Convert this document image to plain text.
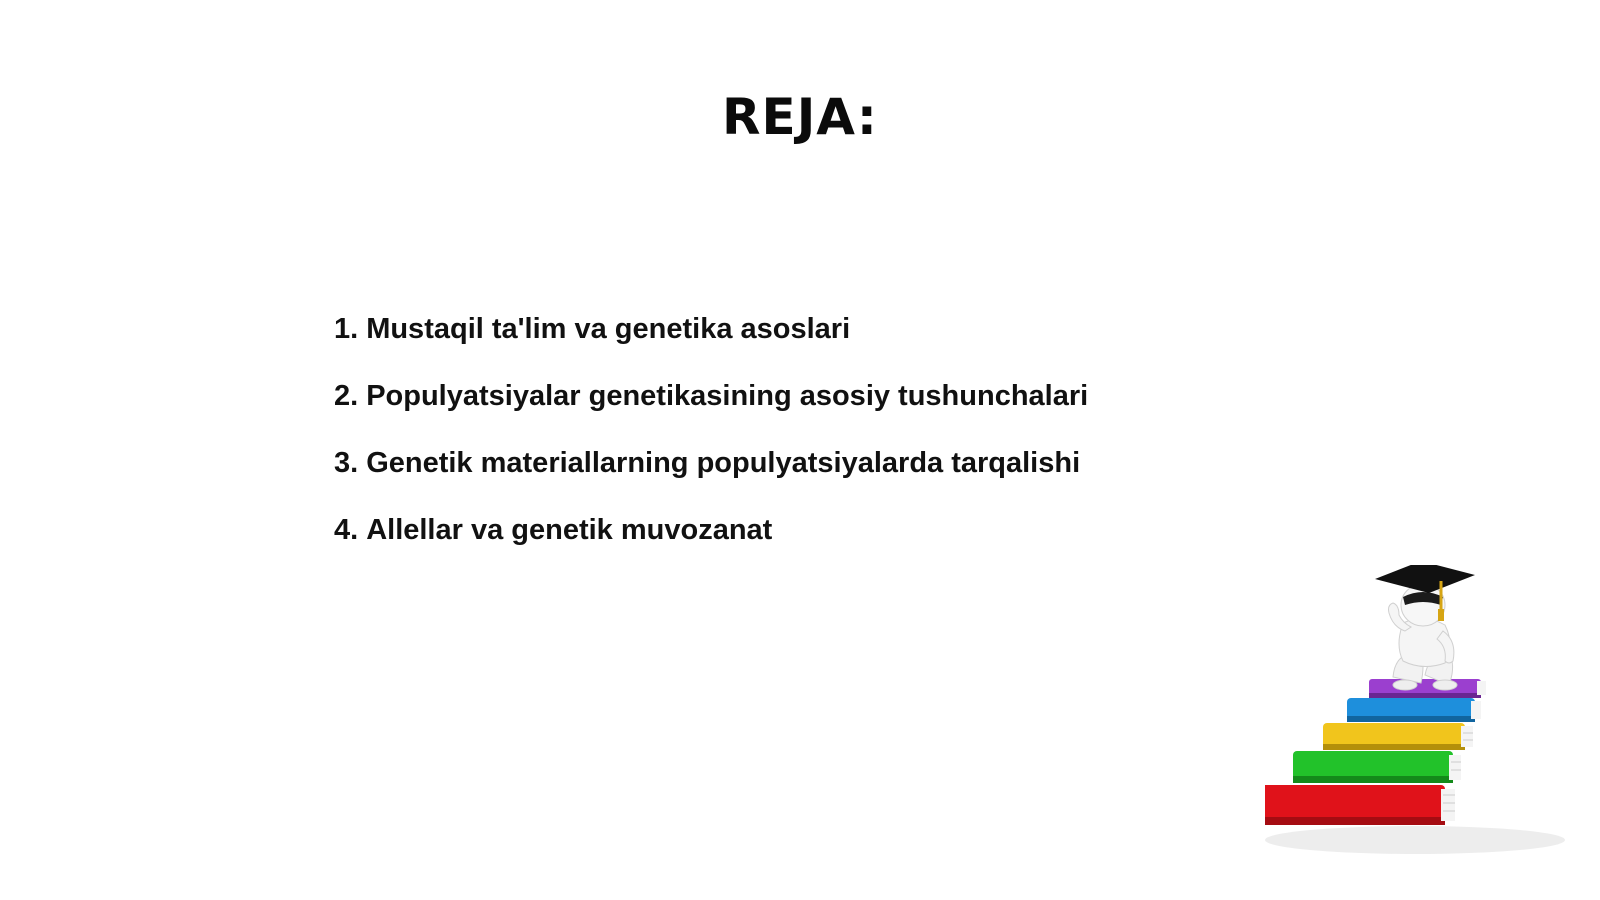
REJA:
1. Mustaqil ta'lim va genetika asoslari
2. Populyatsiyalar genetikasining asosiy tushunchalari
3. Genetik materiallarning populyatsiyalarda tarqalishi
4. Allellar va genetik muvozanat
